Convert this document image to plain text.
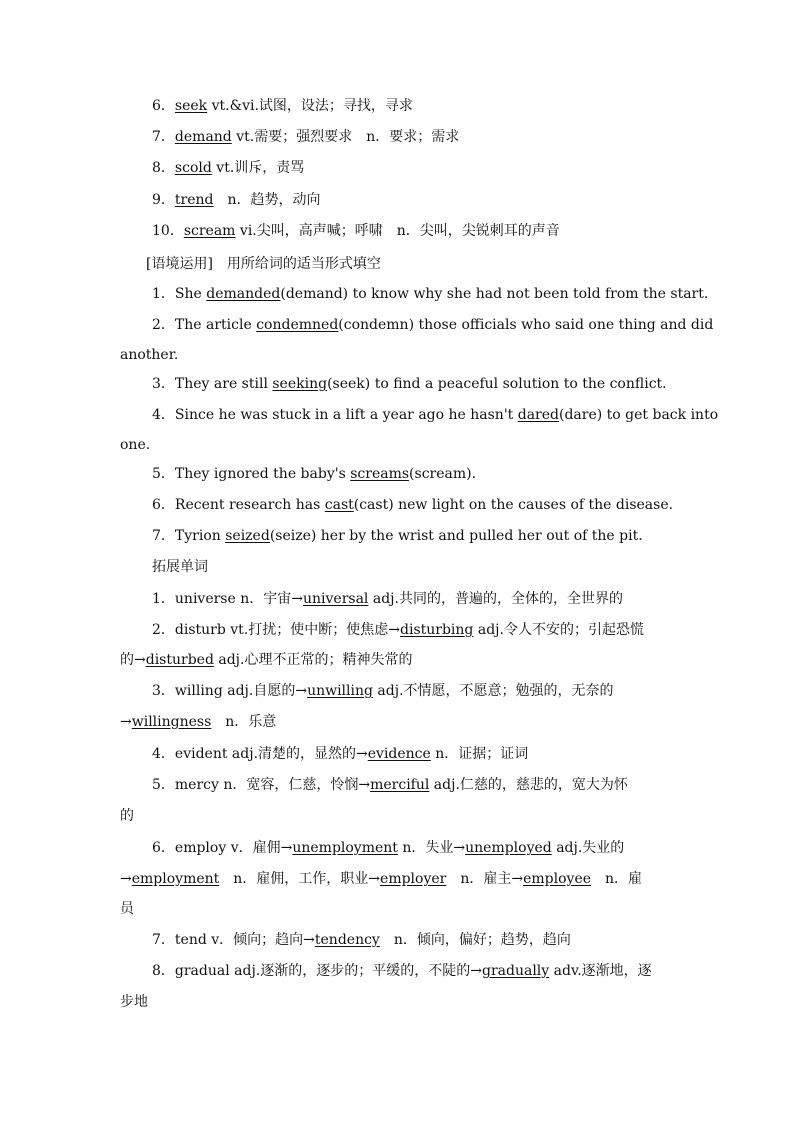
6．seek vt.&vi.试图，设法；寻找，寻求
7．demand vt.需要；强烈要求　n．要求；需求
8．scold vt.训斥，责骂
9．trend　n．趋势，动向
10．scream vi.尖叫，高声喊；呼啸　n．尖叫，尖锐刺耳的声音
[语境运用]　用所给词的适当形式填空
1．She demanded(demand) to know why she had not been told from the start.
2．The article condemned(condemn) those officials who said one thing and did
another.
3．They are still seeking(seek) to find a peaceful solution to the conflict.
4．Since he was stuck in a lift a year ago he hasn't dared(dare) to get back into
one.
5．They ignored the baby's screams(scream).
6．Recent research has cast(cast) new light on the causes of the disease.
7．Tyrion seized(seize) her by the wrist and pulled her out of the pit.
拓展单词
1．universe n．宇宙→universal adj.共同的，普遍的，全体的，全世界的
2．disturb vt.打扰；使中断；使焦虑→disturbing adj.令人不安的；引起恐慌
的→disturbed adj.心理不正常的；精神失常的
3．willing adj.自愿的→unwilling adj.不情愿，不愿意；勉强的，无奈的
→willingness　n．乐意
4．evident adj.清楚的，显然的→evidence n．证据；证词
5．mercy n．宽容，仁慈，怜悯→merciful adj.仁慈的，慈悲的，宽大为怀
的
6．employ v．雇佣→unemployment n．失业→unemployed adj.失业的
→employment　n．雇佣，工作，职业→employer　n．雇主→employee　n．雇
员
7．tend v．倾向；趋向→tendency　n．倾向，偏好；趋势，趋向
8．gradual adj.逐渐的，逐步的；平缓的，不陡的→gradually adv.逐渐地，逐
步地
